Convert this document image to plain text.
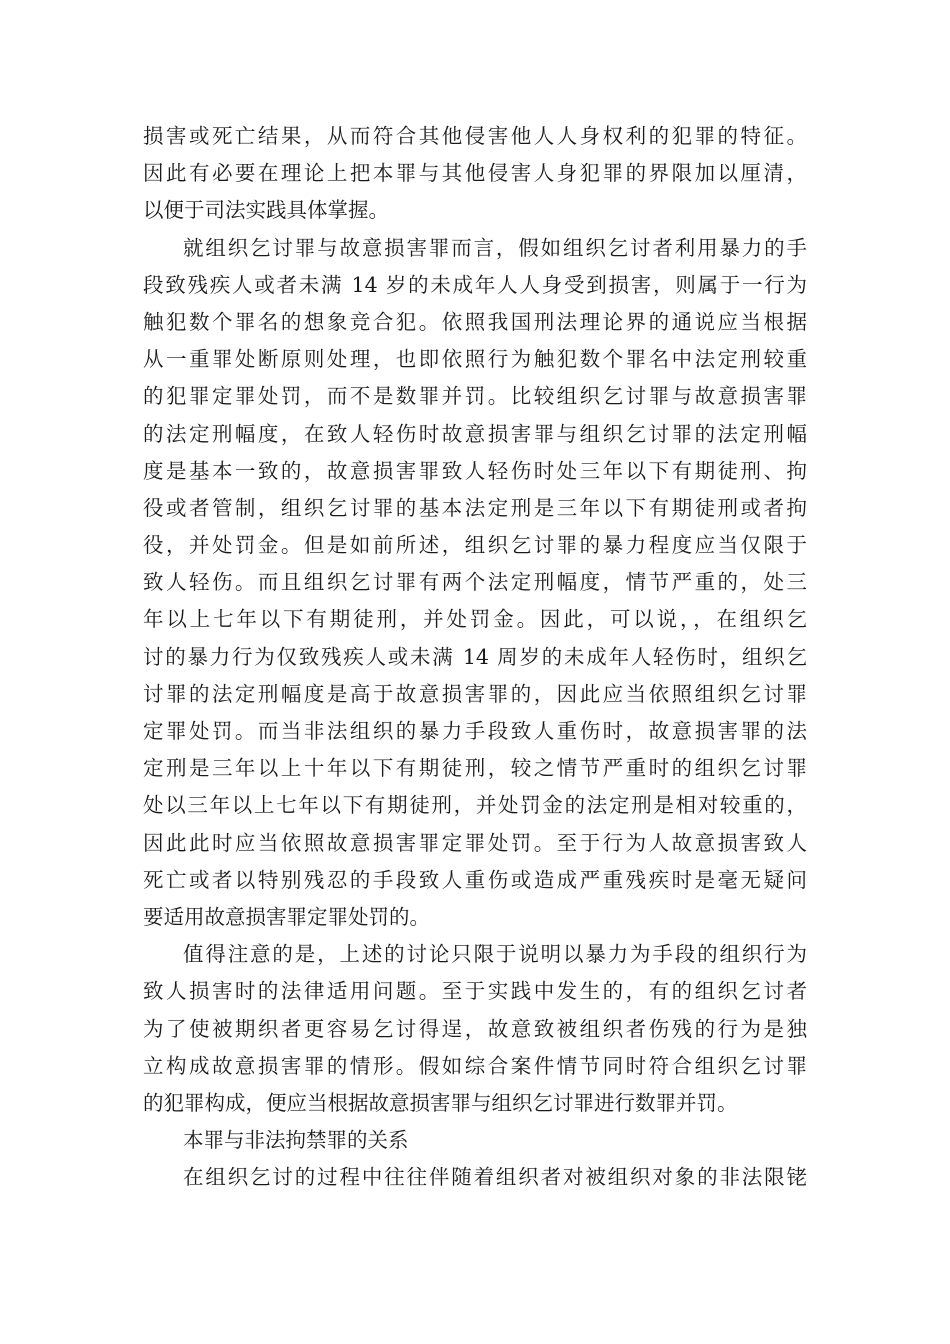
损害或死亡结果，从而符合其他侵害他人人身权利的犯罪的特征。
因此有必要在理论上把本罪与其他侵害人身犯罪的界限加以厘清，
以便于司法实践具体掌握。
就组织乞讨罪与故意损害罪而言，假如组织乞讨者利用暴力的手
段致残疾人或者未满 14 岁的未成年人人身受到损害，则属于一行为
触犯数个罪名的想象竞合犯。依照我国刑法理论界的通说应当根据
从一重罪处断原则处理，也即依照行为触犯数个罪名中法定刑较重
的犯罪定罪处罚，而不是数罪并罚。比较组织乞讨罪与故意损害罪
的法定刑幅度，在致人轻伤时故意损害罪与组织乞讨罪的法定刑幅
度是基本一致的，故意损害罪致人轻伤时处三年以下有期徒刑、拘
役或者管制，组织乞讨罪的基本法定刑是三年以下有期徒刑或者拘
役，并处罚金。但是如前所述，组织乞讨罪的暴力程度应当仅限于
致人轻伤。而且组织乞讨罪有两个法定刑幅度，情节严重的，处三
年以上七年以下有期徒刑，并处罚金。因此，可以说，，在组织乞
讨的暴力行为仅致残疾人或未满 14 周岁的未成年人轻伤时，组织乞
讨罪的法定刑幅度是高于故意损害罪的，因此应当依照组织乞讨罪
定罪处罚。而当非法组织的暴力手段致人重伤时，故意损害罪的法
定刑是三年以上十年以下有期徒刑，较之情节严重时的组织乞讨罪
处以三年以上七年以下有期徒刑，并处罚金的法定刑是相对较重的，
因此此时应当依照故意损害罪定罪处罚。至于行为人故意损害致人
死亡或者以特别残忍的手段致人重伤或造成严重残疾时是毫无疑问
要适用故意损害罪定罪处罚的。
值得注意的是，上述的讨论只限于说明以暴力为手段的组织行为
致人损害时的法律适用问题。至于实践中发生的，有的组织乞讨者
为了使被期织者更容易乞讨得逞，故意致被组织者伤残的行为是独
立构成故意损害罪的情形。假如综合案件情节同时符合组织乞讨罪
的犯罪构成，便应当根据故意损害罪与组织乞讨罪进行数罪并罚。
本罪与非法拘禁罪的关系
在组织乞讨的过程中往往伴随着组织者对被组织对象的非法限铑
